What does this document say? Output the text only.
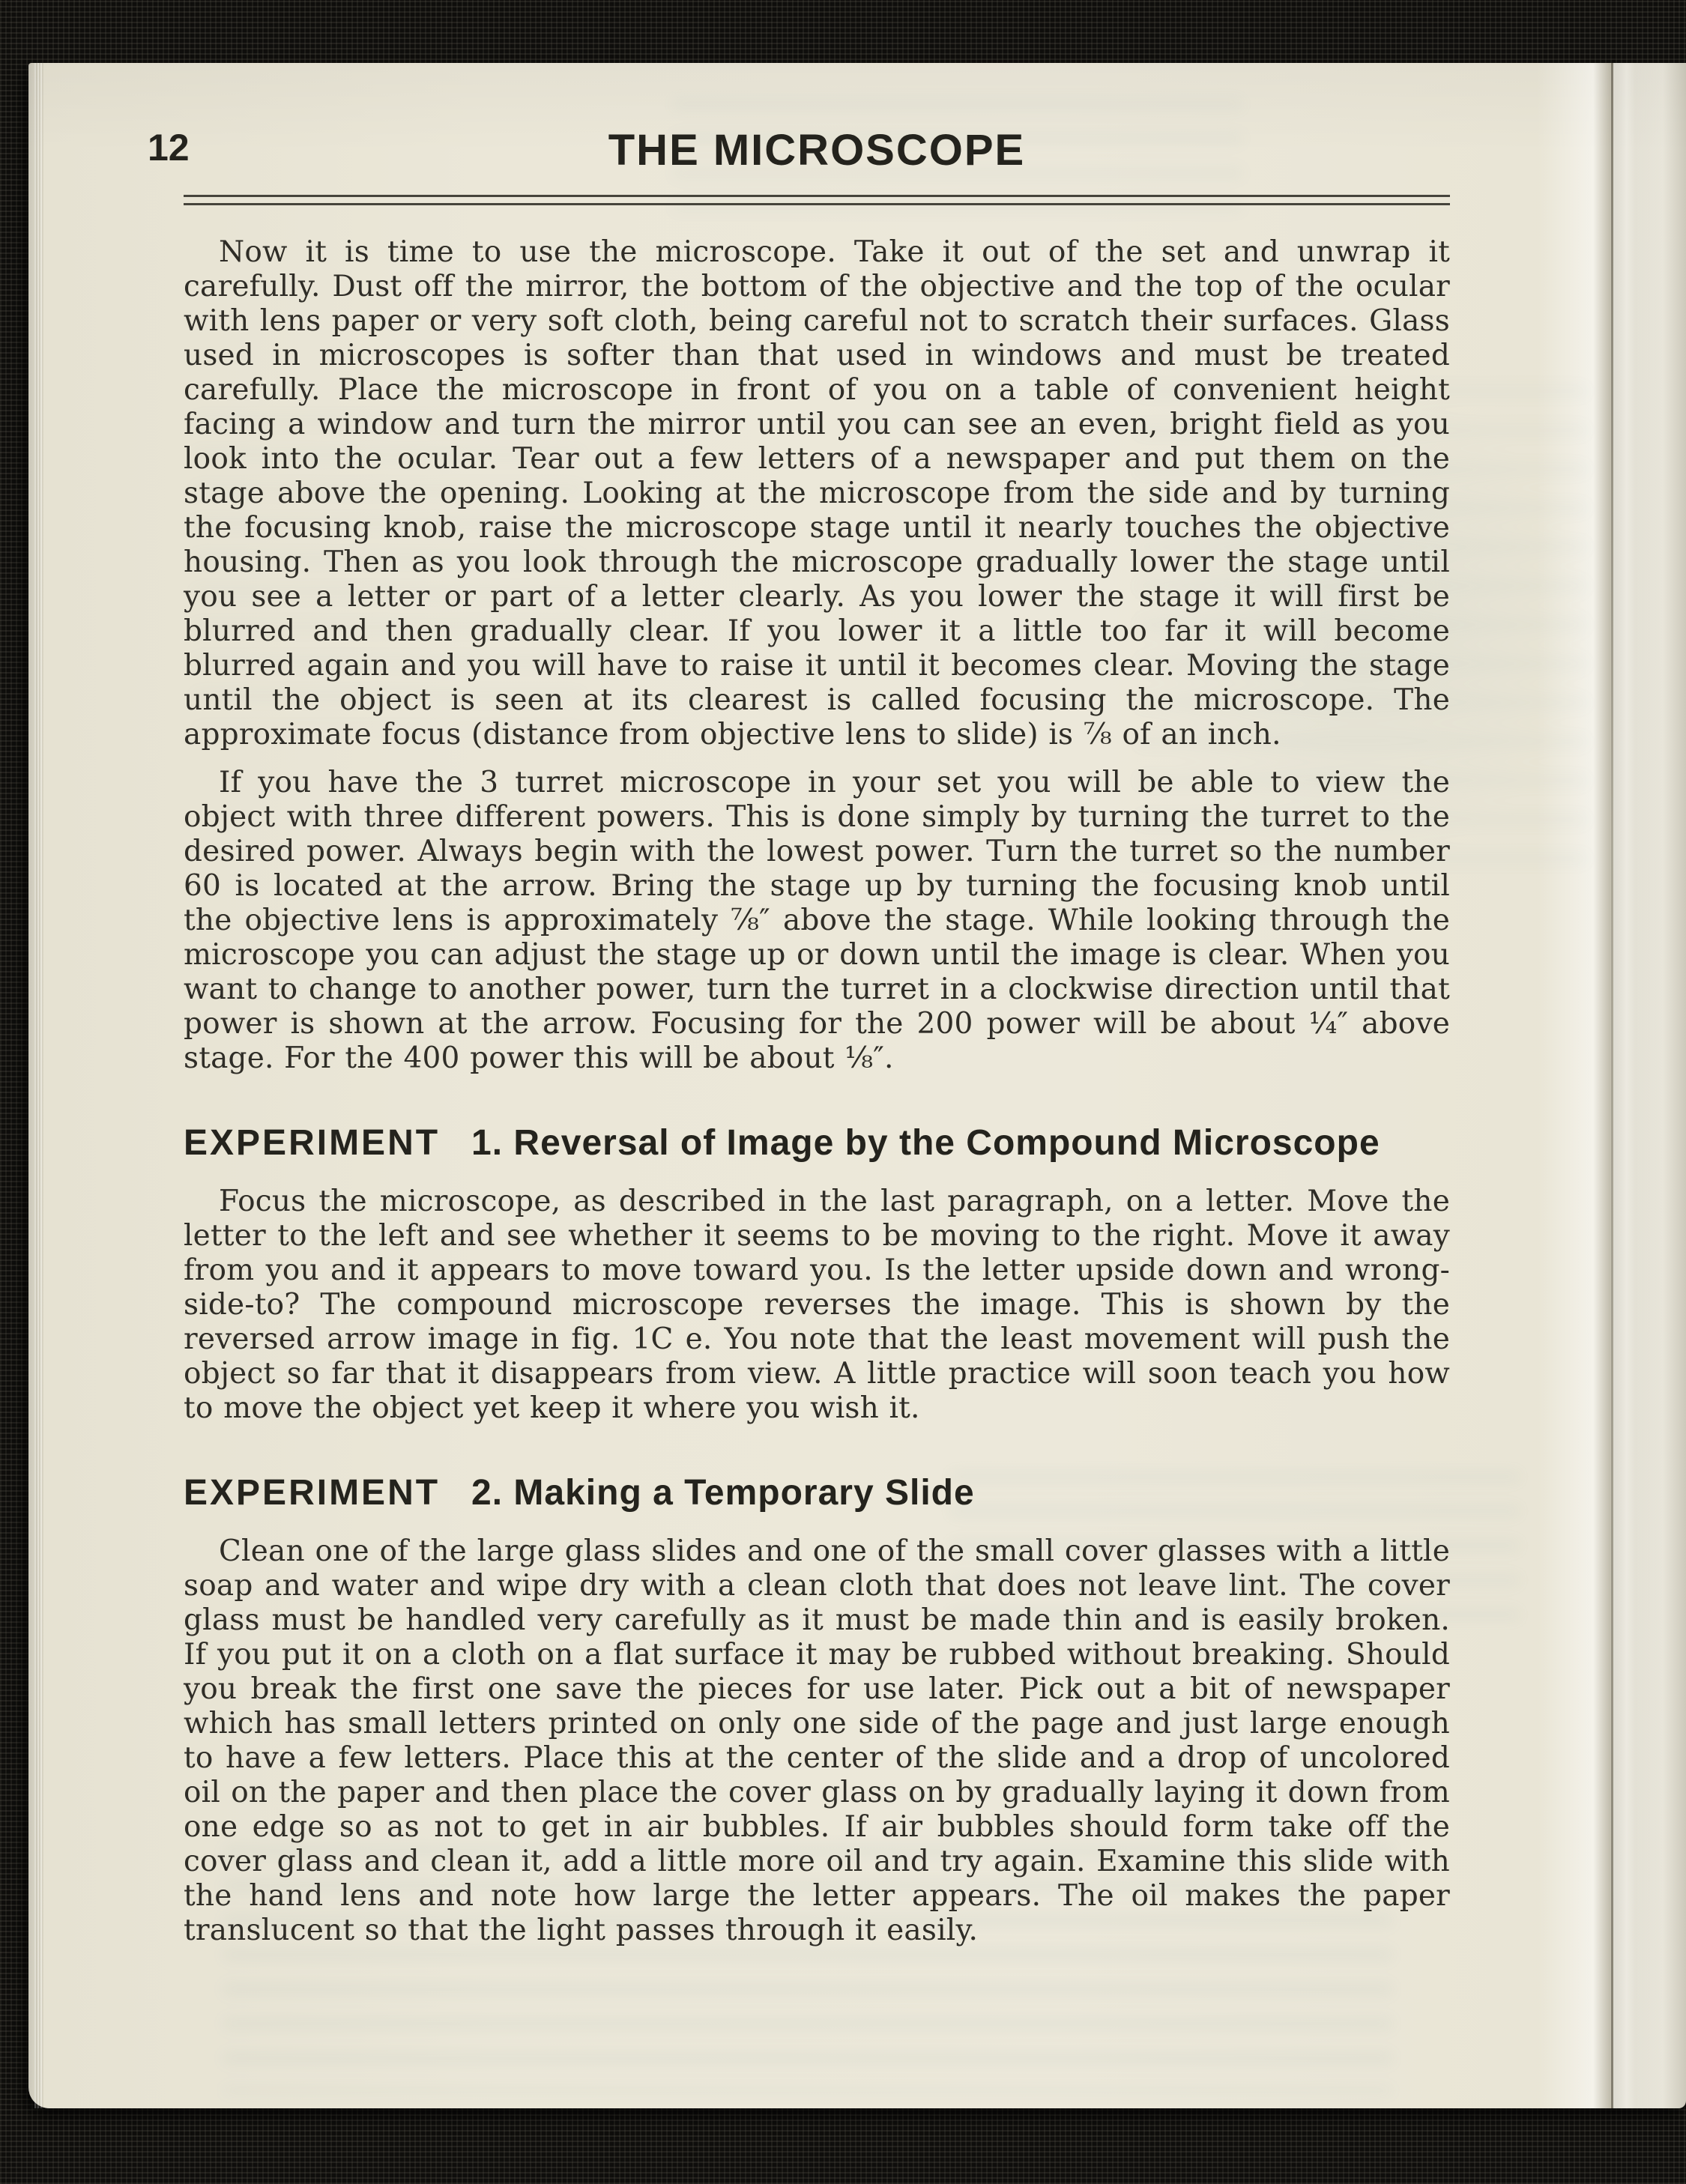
12	THE MICROSCOPE

Now it is time to use the microscope. Take it out of the set and unwrap it carefully. Dust off the mirror, the bottom of the objective and the top of the ocular with lens paper or very soft cloth, being careful not to scratch their surfaces. Glass used in microscopes is softer than that used in windows and must be treated carefully. Place the microscope in front of you on a table of convenient height facing a window and turn the mirror until you can see an even, bright field as you look into the ocular. Tear out a few letters of a newspaper and put them on the stage above the opening. Looking at the microscope from the side and by turning the focusing knob, raise the microscope stage until it nearly touches the objective housing. Then as you look through the microscope gradually lower the stage until you see a letter or part of a letter clearly. As you lower the stage it will first be blurred and then gradually clear. If you lower it a little too far it will become blurred again and you will have to raise it until it becomes clear. Moving the stage until the object is seen at its clearest is called focusing the microscope. The approximate focus (distance from objective lens to slide) is ⅞ of an inch.

If you have the 3 turret microscope in your set you will be able to view the object with three different powers. This is done simply by turning the turret to the desired power. Always begin with the lowest power. Turn the turret so the number 60 is located at the arrow. Bring the stage up by turning the focusing knob until the objective lens is approximately ⅞″ above the stage. While looking through the microscope you can adjust the stage up or down until the image is clear. When you want to change to another power, turn the turret in a clockwise direction until that power is shown at the arrow. Focusing for the 200 power will be about ¼″ above stage. For the 400 power this will be about ⅛″.

EXPERIMENT 1. Reversal of Image by the Compound Microscope

Focus the microscope, as described in the last paragraph, on a letter. Move the letter to the left and see whether it seems to be moving to the right. Move it away from you and it appears to move toward you. Is the letter upside down and wrong-side-to? The compound microscope reverses the image. This is shown by the reversed arrow image in fig. 1C e. You note that the least movement will push the object so far that it disappears from view. A little practice will soon teach you how to move the object yet keep it where you wish it.

EXPERIMENT 2. Making a Temporary Slide

Clean one of the large glass slides and one of the small cover glasses with a little soap and water and wipe dry with a clean cloth that does not leave lint. The cover glass must be handled very carefully as it must be made thin and is easily broken. If you put it on a cloth on a flat surface it may be rubbed without breaking. Should you break the first one save the pieces for use later. Pick out a bit of newspaper which has small letters printed on only one side of the page and just large enough to have a few letters. Place this at the center of the slide and a drop of uncolored oil on the paper and then place the cover glass on by gradually laying it down from one edge so as not to get in air bubbles. If air bubbles should form take off the cover glass and clean it, add a little more oil and try again. Examine this slide with the hand lens and note how large the letter appears. The oil makes the paper translucent so that the light passes through it easily.
